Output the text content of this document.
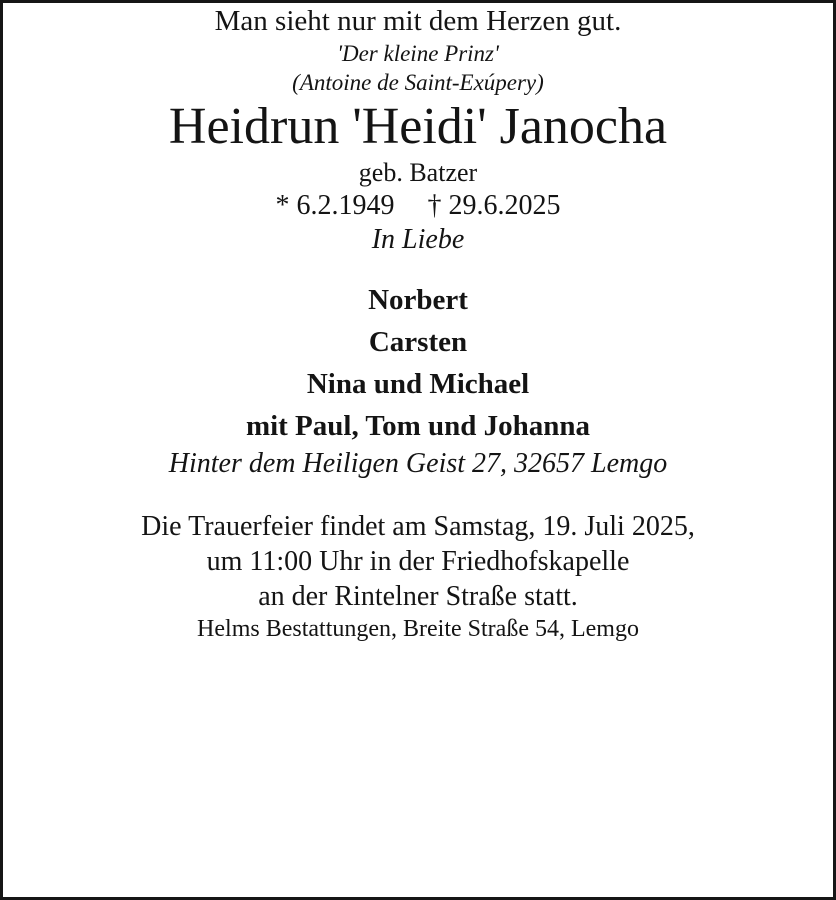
Man sieht nur mit dem Herzen gut.

'Der kleine Prinz'

(Antoine de Saint-Exúpery)

Heidrun 'Heidi' Janocha

geb. Batzer

* 6.2.1949 † 29.6.2025

In Liebe

Norbert

Carsten

Nina und Michael

mit Paul, Tom und Johanna

Hinter dem Heiligen Geist 27, 32657 Lemgo

Die Trauerfeier findet am Samstag, 19. Juli 2025,

um 11:00 Uhr in der Friedhofskapelle

an der Rintelner Straße statt.

Helms Bestattungen, Breite Straße 54, Lemgo
